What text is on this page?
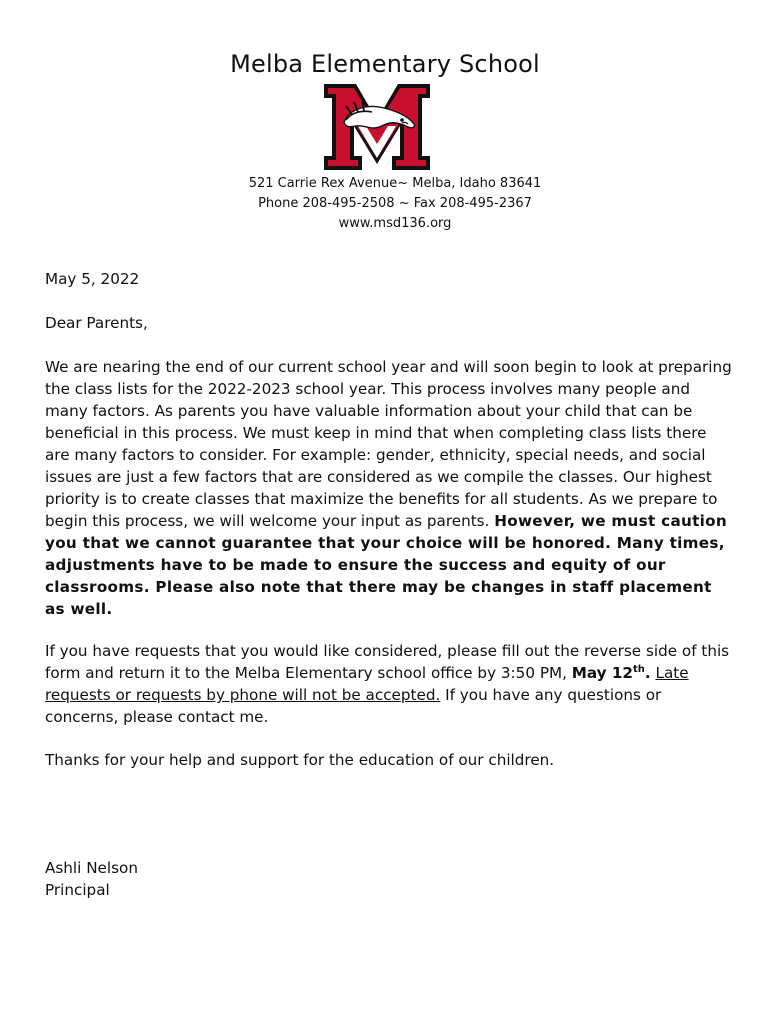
Melba Elementary School
521 Carrie Rex Avenue~ Melba, Idaho 83641
Phone 208-495-2508 ~ Fax 208-495-2367
www.msd136.org
May 5, 2022
Dear Parents,
We are nearing the end of our current school year and will soon begin to look at preparing the class lists for the 2022-2023 school year. This process involves many people and many factors. As parents you have valuable information about your child that can be beneficial in this process. We must keep in mind that when completing class lists there are many factors to consider. For example: gender, ethnicity, special needs, and social issues are just a few factors that are considered as we compile the classes. Our highest priority is to create classes that maximize the benefits for all students. As we prepare to begin this process, we will welcome your input as parents. However, we must caution you that we cannot guarantee that your choice will be honored. Many times, adjustments have to be made to ensure the success and equity of our classrooms. Please also note that there may be changes in staff placement as well.
If you have requests that you would like considered, please fill out the reverse side of this form and return it to the Melba Elementary school office by 3:50 PM, May 12th. Late requests or requests by phone will not be accepted. If you have any questions or concerns, please contact me.
Thanks for your help and support for the education of our children.
Ashli Nelson
Principal
